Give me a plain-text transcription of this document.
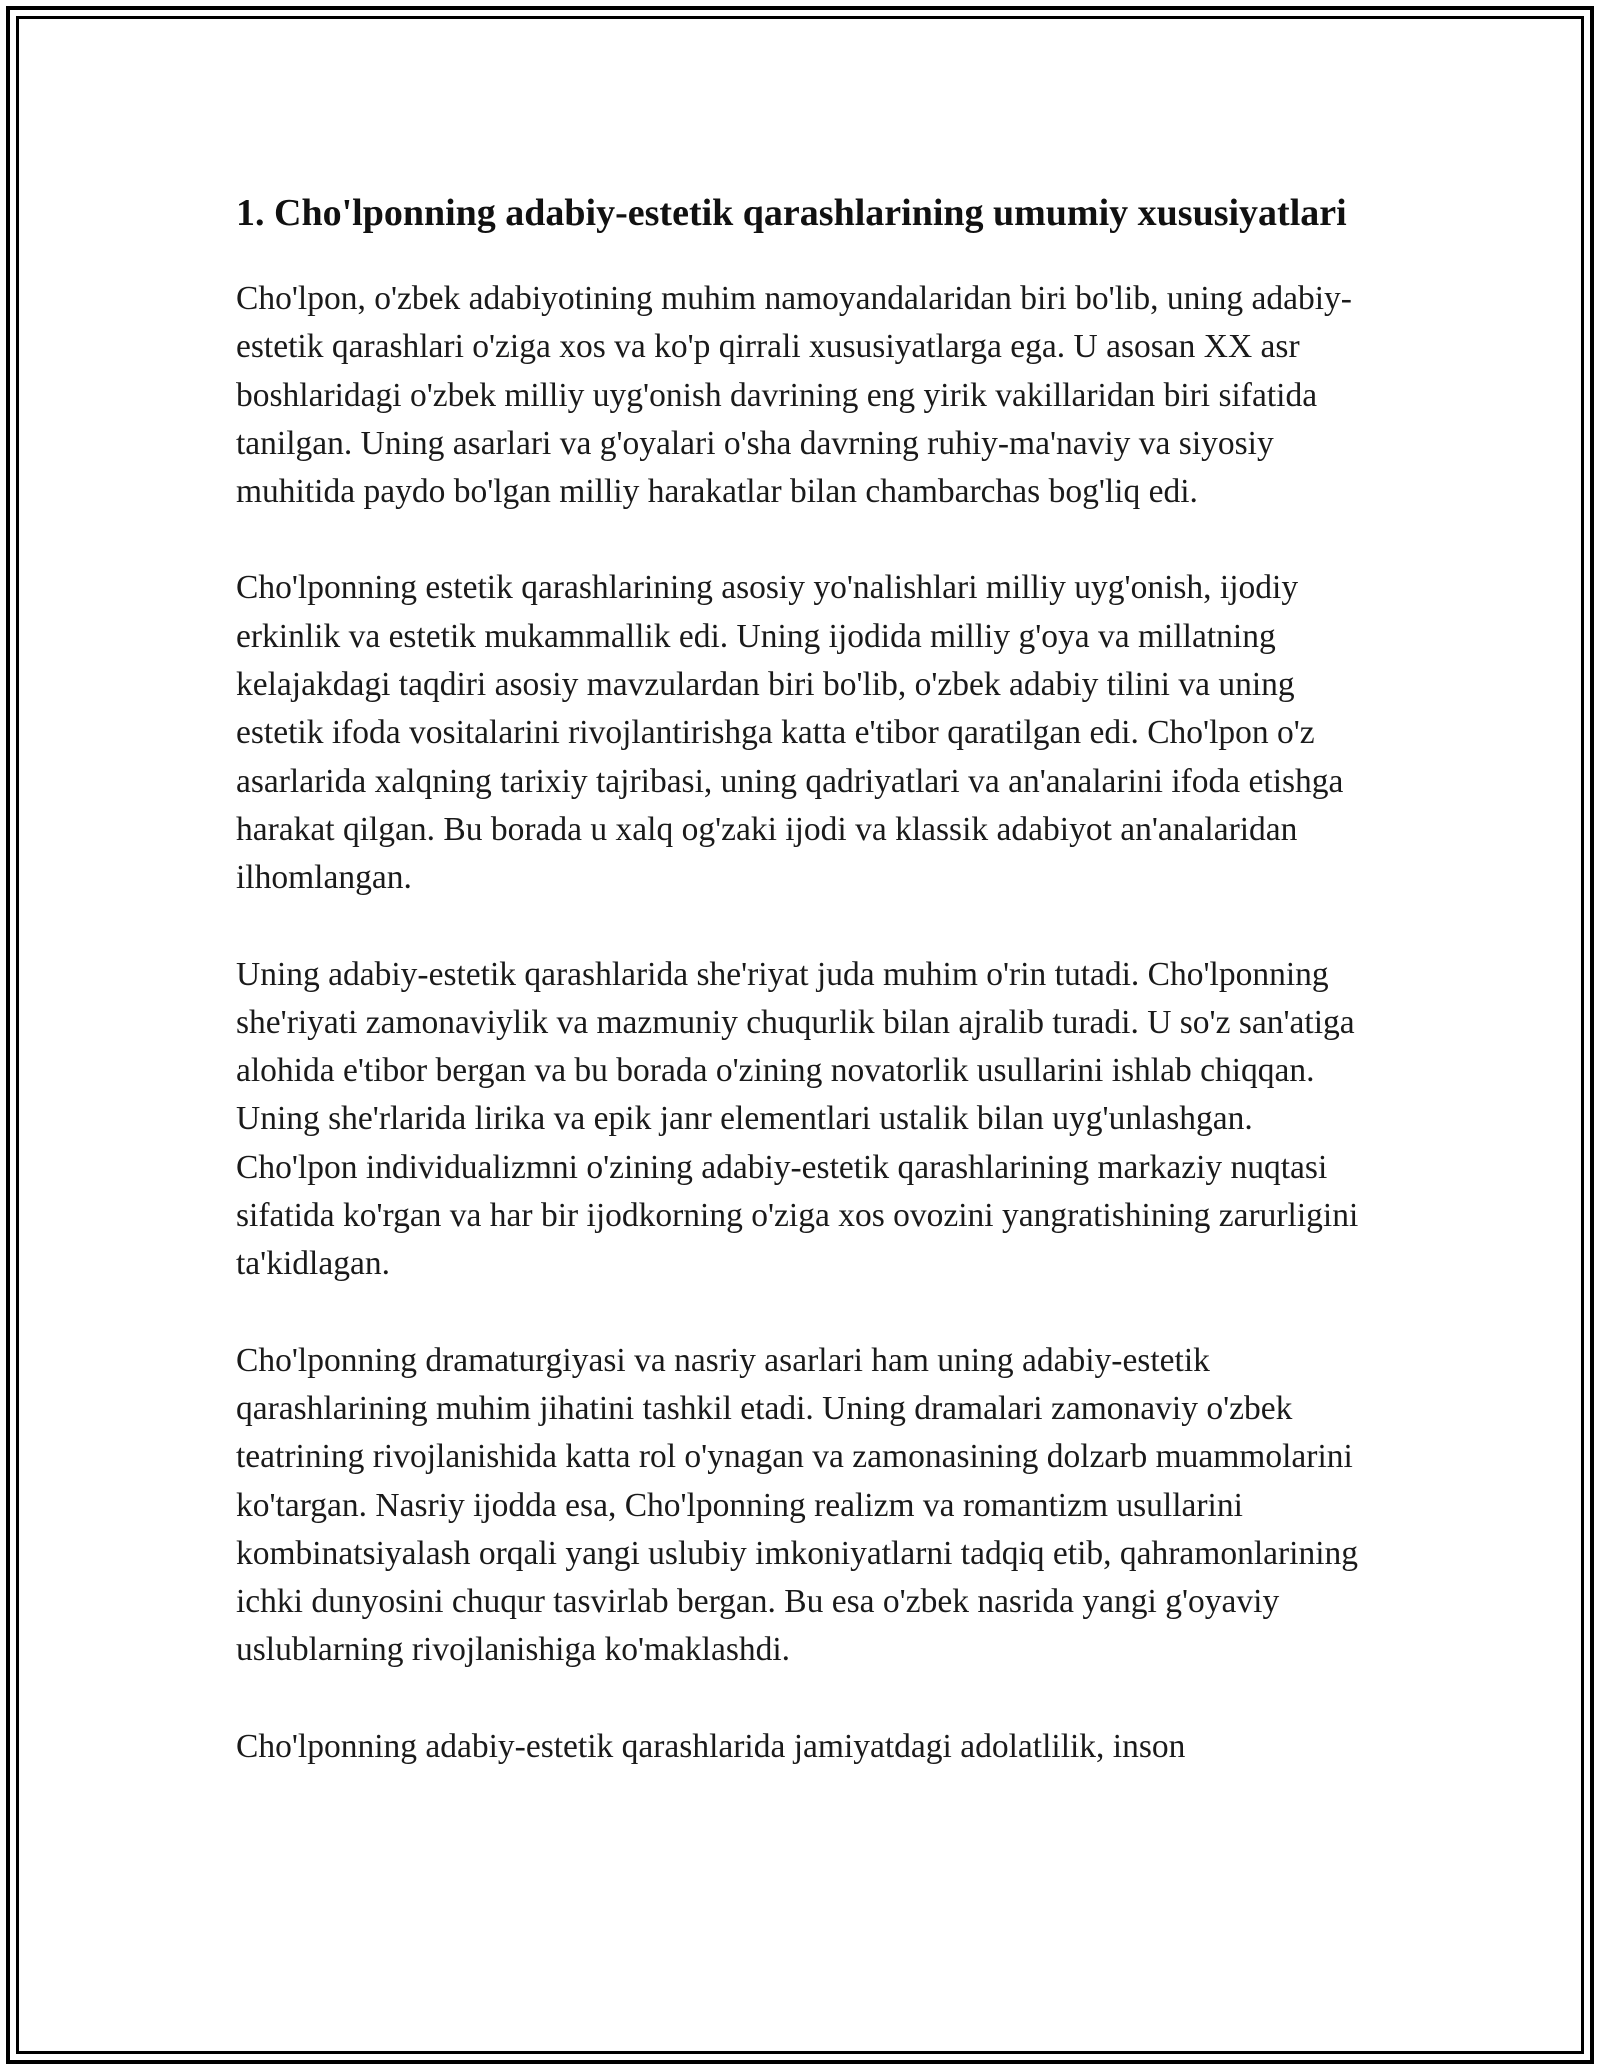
1. Cho'lponning adabiy-estetik qarashlarining umumiy xususiyatlari

Cho'lpon, o'zbek adabiyotining muhim namoyandalaridan biri bo'lib, uning adabiy-estetik qarashlari o'ziga xos va ko'p qirrali xususiyatlarga ega. U asosan XX asr boshlaridagi o'zbek milliy uyg'onish davrining eng yirik vakillaridan biri sifatida tanilgan. Uning asarlari va g'oyalari o'sha davrning ruhiy-ma'naviy va siyosiy muhitida paydo bo'lgan milliy harakatlar bilan chambarchas bog'liq edi.

Cho'lponning estetik qarashlarining asosiy yo'nalishlari milliy uyg'onish, ijodiy erkinlik va estetik mukammallik edi. Uning ijodida milliy g'oya va millatning kelajakdagi taqdiri asosiy mavzulardan biri bo'lib, o'zbek adabiy tilini va uning estetik ifoda vositalarini rivojlantirishga katta e'tibor qaratilgan edi. Cho'lpon o'z asarlarida xalqning tarixiy tajribasi, uning qadriyatlari va an'analarini ifoda etishga harakat qilgan. Bu borada u xalq og'zaki ijodi va klassik adabiyot an'analaridan ilhomlangan.

Uning adabiy-estetik qarashlarida she'riyat juda muhim o'rin tutadi. Cho'lponning she'riyati zamonaviylik va mazmuniy chuqurlik bilan ajralib turadi. U so'z san'atiga alohida e'tibor bergan va bu borada o'zining novatorlik usullarini ishlab chiqqan. Uning she'rlarida lirika va epik janr elementlari ustalik bilan uyg'unlashgan. Cho'lpon individualizmni o'zining adabiy-estetik qarashlarining markaziy nuqtasi sifatida ko'rgan va har bir ijodkorning o'ziga xos ovozini yangratishining zarurligini ta'kidlagan.

Cho'lponning dramaturgiyasi va nasriy asarlari ham uning adabiy-estetik qarashlarining muhim jihatini tashkil etadi. Uning dramalari zamonaviy o'zbek teatrining rivojlanishida katta rol o'ynagan va zamonasining dolzarb muammolarini ko'targan. Nasriy ijodda esa, Cho'lponning realizm va romantizm usullarini kombinatsiyalash orqali yangi uslubiy imkoniyatlarni tadqiq etib, qahramonlarining ichki dunyosini chuqur tasvirlab bergan. Bu esa o'zbek nasrida yangi g'oyaviy uslublarning rivojlanishiga ko'maklashdi.

Cho'lponning adabiy-estetik qarashlarida jamiyatdagi adolatlilik, inson
